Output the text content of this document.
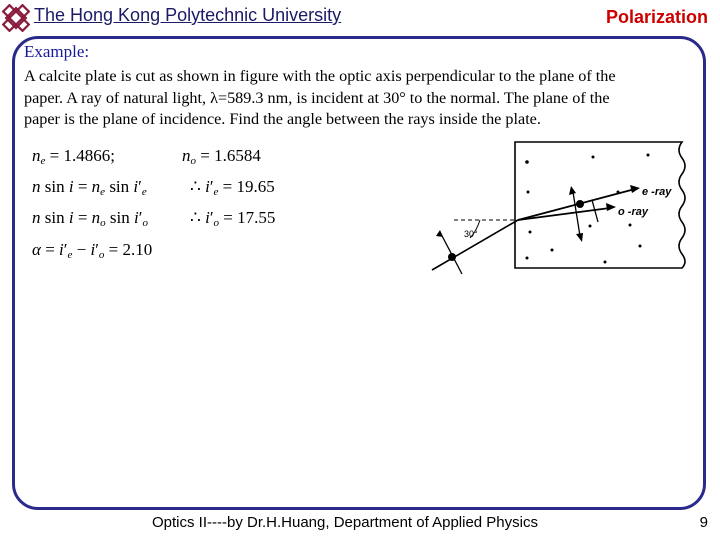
The Hong Kong Polytechnic University	Polarization
Example:
A calcite plate is cut as shown in figure with the optic axis perpendicular to the plane of the
paper. A ray of natural light, λ=589.3 nm, is incident at 30° to the normal. The plane of the
paper is the plane of incidence. Find the angle between the rays inside the plate.
$n_e = 1.4866$;	$n_o = 1.6584$
n $\sin i = n_e$ $\sin i'_e$	∴ $i'_e = 19.65$
n $\sin i = n_o$ $\sin i'_o$ ∴ $i'_o = 17.55$
$\alpha = i'_e - i'_o = 2.10$
30°
e -ray
o -ray
Optics II----by Dr.H.Huang, Department of Applied Physics	9
